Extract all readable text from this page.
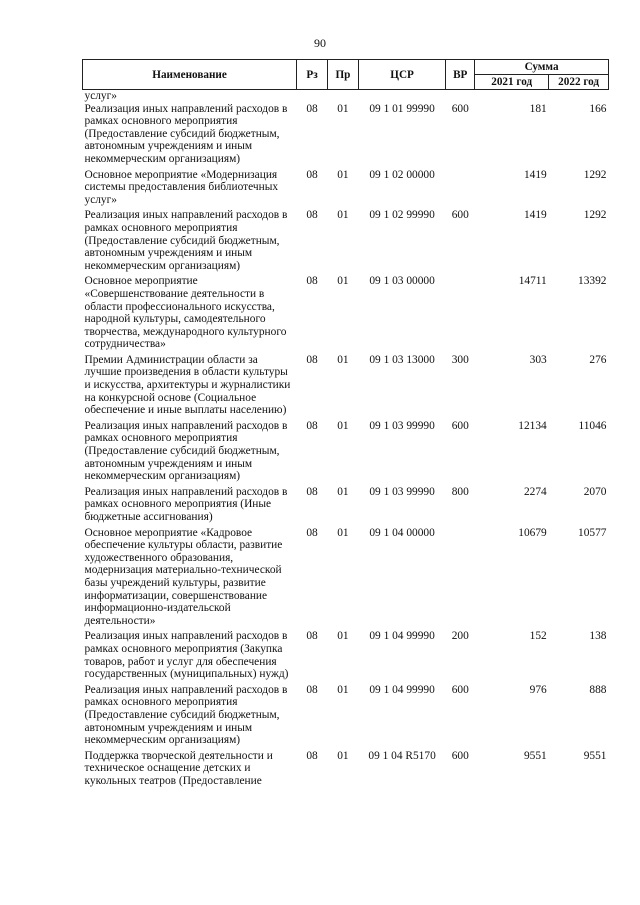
90
Наименование	Рз	Пр	ЦСР	ВР	Сумма	
					2021 год	2022 год
услуг»						
Реализация иных направлений расходов в рамках основного мероприятия (Предоставление субсидий бюджетным, автономным учреждениям и иным некоммерческим организациям)	08	01	09 1 01 99990	600	181	166
Основное мероприятие «Модернизация системы предоставления библиотечных услуг»	08	01	09 1 02 00000		1419	1292
Реализация иных направлений расходов в рамках основного мероприятия (Предоставление субсидий бюджетным, автономным учреждениям и иным некоммерческим организациям)	08	01	09 1 02 99990	600	1419	1292
Основное мероприятие «Совершенствование деятельности в области профессионального искусства, народной культуры, самодеятельного творчества, международного культурного сотрудничества»	08	01	09 1 03 00000		14711	13392
Премии Администрации области за лучшие произведения в области культуры и искусства, архитектуры и журналистики на конкурсной основе (Социальное обеспечение и иные выплаты населению)	08	01	09 1 03 13000	300	303	276
Реализация иных направлений расходов в рамках основного мероприятия (Предоставление субсидий бюджетным, автономным учреждениям и иным некоммерческим организациям)	08	01	09 1 03 99990	600	12134	11046
Реализация иных направлений расходов в рамках основного мероприятия (Иные бюджетные ассигнования)	08	01	09 1 03 99990	800	2274	2070
Основное мероприятие «Кадровое обеспечение культуры области, развитие художественного образования, модернизация материально-технической базы учреждений культуры, развитие информатизации, совершенствование информационно-издательской деятельности»	08	01	09 1 04 00000		10679	10577
Реализация иных направлений расходов в рамках основного мероприятия (Закупка товаров, работ и услуг для обеспечения государственных (муниципальных) нужд)	08	01	09 1 04 99990	200	152	138
Реализация иных направлений расходов в рамках основного мероприятия (Предоставление субсидий бюджетным, автономным учреждениям и иным некоммерческим организациям)	08	01	09 1 04 99990	600	976	888
Поддержка творческой деятельности и техническое оснащение детских и кукольных театров (Предоставление	08	01	09 1 04 R5170	600	9551	9551
